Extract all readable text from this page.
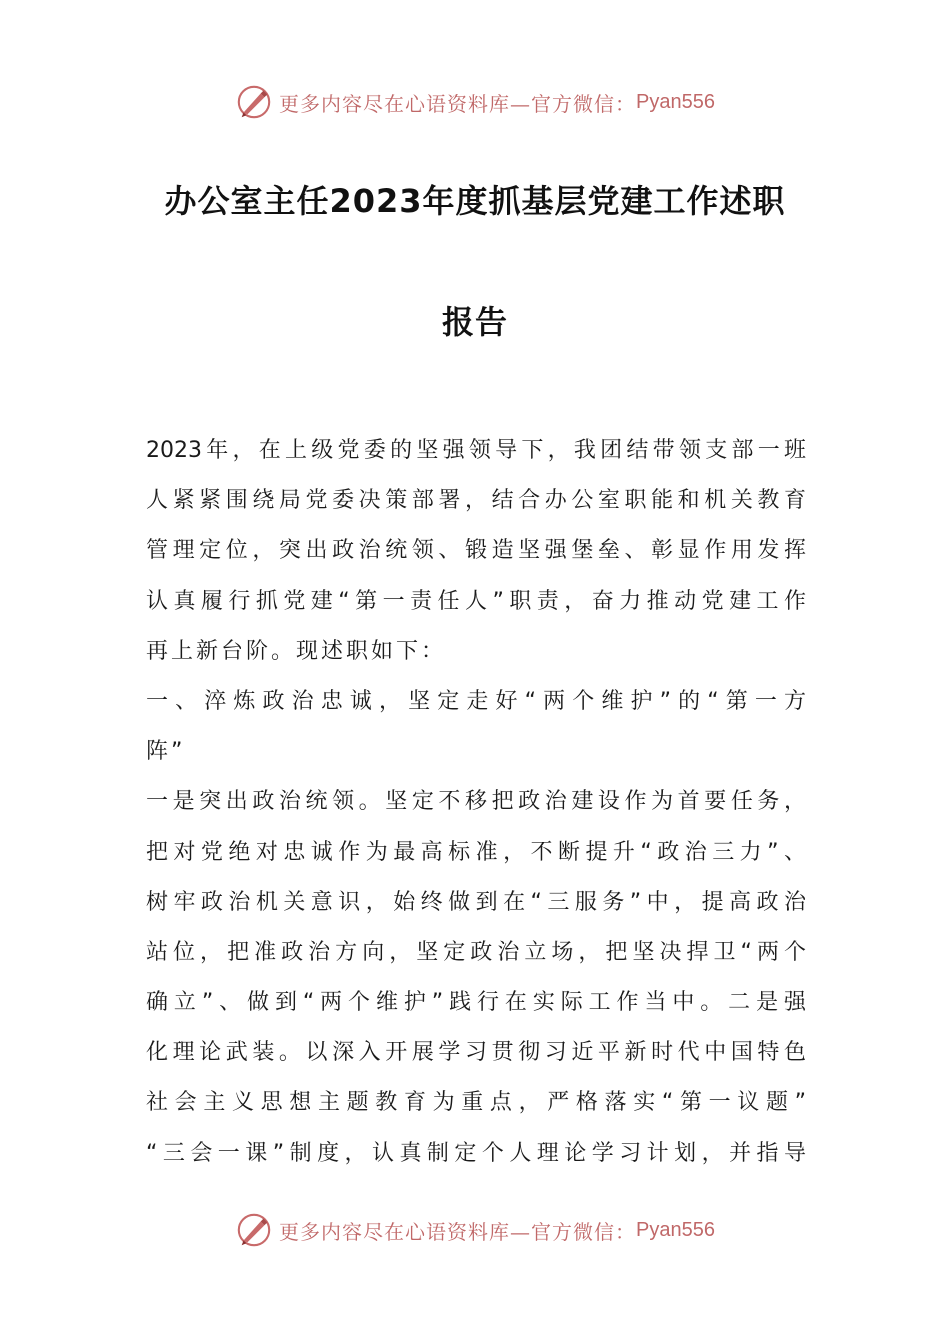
更多内容尽在心语资料库—官方微信： Pyan556
办公室主任2023年度抓基层党建工作述职
报告
2023年，在上级党委的坚强领导下，我团结带领支部一班
人紧紧围绕局党委决策部署，结合办公室职能和机关教育
管理定位，突出政治统领、锻造坚强堡垒、彰显作用发挥
认真履行抓党建“第一责任人”职责，奋力推动党建工作
再上新台阶。现述职如下：
一、淬炼政治忠诚，坚定走好“两个维护”的“第一方
阵”
一是突出政治统领。坚定不移把政治建设作为首要任务，
把对党绝对忠诚作为最高标准，不断提升“政治三力”、
树牢政治机关意识，始终做到在“三服务”中，提高政治
站位，把准政治方向，坚定政治立场，把坚决捍卫“两个
确立”、做到“两个维护”践行在实际工作当中。二是强
化理论武装。以深入开展学习贯彻习近平新时代中国特色
社会主义思想主题教育为重点，严格落实“第一议题”
“三会一课”制度，认真制定个人理论学习计划，并指导
更多内容尽在心语资料库—官方微信： Pyan556
